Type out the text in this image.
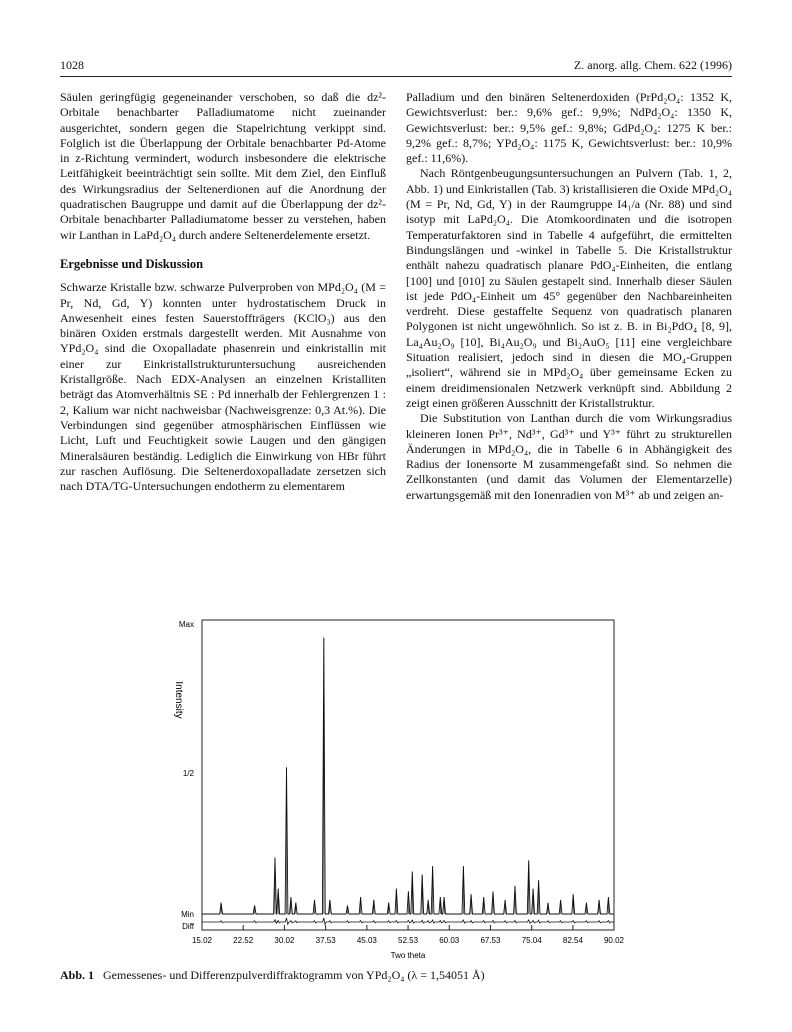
1028	Z. anorg. allg. Chem. 622 (1996)

Säulen geringfügig gegeneinander verschoben, so daß die dz²-Orbitale benachbarter Palladiumatome nicht zueinander ausgerichtet, sondern gegen die Stapelrichtung verkippt sind. Folglich ist die Überlappung der Orbitale benachbarter Pd-Atome in z-Richtung vermindert, wodurch insbesondere die elektrische Leitfähigkeit beeinträchtigt sein sollte. Mit dem Ziel, den Einfluß des Wirkungsradius der Seltenerdionen auf die Anordnung der quadratischen Baugruppe und damit auf die Überlappung der dz²-Orbitale benachbarter Palladiumatome besser zu verstehen, haben wir Lanthan in LaPd₂O₄ durch andere Seltenerdelemente ersetzt.

Ergebnisse und Diskussion

Schwarze Kristalle bzw. schwarze Pulverproben von MPd₂O₄ (M = Pr, Nd, Gd, Y) konnten unter hydrostatischem Druck in Anwesenheit eines festen Sauerstoffträgers (KClO₃) aus den binären Oxiden erstmals dargestellt werden. Mit Ausnahme von YPd₂O₄ sind die Oxopalladate phasenrein und einkristallin mit einer zur Einkristallstrukturuntersuchung ausreichenden Kristallgröße. Nach EDX-Analysen an einzelnen Kristalliten beträgt das Atomverhältnis SE : Pd innerhalb der Fehlergrenzen 1 : 2, Kalium war nicht nachweisbar (Nachweisgrenze: 0,3 At.%). Die Verbindungen sind gegenüber atmosphärischen Einflüssen wie Licht, Luft und Feuchtigkeit sowie Laugen und den gängigen Mineralsäuren beständig. Lediglich die Einwirkung von HBr führt zur raschen Auflösung. Die Seltenerdoxopalladate zersetzen sich nach DTA/TG-Untersuchungen endotherm zu elementarem

Palladium und den binären Seltenerdoxiden (PrPd₂O₄: 1352 K, Gewichtsverlust: ber.: 9,6% gef.: 9,9%; NdPd₂O₄: 1350 K, Gewichtsverlust: ber.: 9,5% gef.: 9,8%; GdPd₂O₄: 1275 K ber.: 9,2% gef.: 8,7%; YPd₂O₄: 1175 K, Gewichtsverlust: ber.: 10,9% gef.: 11,6%).

Nach Röntgenbeugungsuntersuchungen an Pulvern (Tab. 1, 2, Abb. 1) und Einkristallen (Tab. 3) kristallisieren die Oxide MPd₂O₄ (M = Pr, Nd, Gd, Y) in der Raumgruppe I4₁/a (Nr. 88) und sind isotyp mit LaPd₂O₄. Die Atomkoordinaten und die isotropen Temperaturfaktoren sind in Tabelle 4 aufgeführt, die ermittelten Bindungslängen und -winkel in Tabelle 5. Die Kristallstruktur enthält nahezu quadratisch planare PdO₄-Einheiten, die entlang [100] und [010] zu Säulen gestapelt sind. Innerhalb dieser Säulen ist jede PdO₄-Einheit um 45° gegenüber den Nachbareinheiten verdreht. Diese gestaffelte Sequenz von quadratisch planaren Polygonen ist nicht ungewöhnlich. So ist z. B. in Bi₂PdO₄ [8, 9], La₄Au₂O₉ [10], Bi₄Au₂O₉ und Bi₂AuO₅ [11] eine vergleichbare Situation realisiert, jedoch sind in diesen die MO₄-Gruppen „isoliert“, während sie in MPd₂O₄ über gemeinsame Ecken zu einem dreidimensionalen Netzwerk verknüpft sind. Abbildung 2 zeigt einen größeren Ausschnitt der Kristallstruktur.

Die Substitution von Lanthan durch die vom Wirkungsradius kleineren Ionen Pr³⁺, Nd³⁺, Gd³⁺ und Y³⁺ führt zu strukturellen Änderungen in MPd₂O₄, die in Tabelle 6 in Abhängigkeit des Radius der Ionensorte M zusammengefaßt sind. So nehmen die Zellkonstanten (und damit das Volumen der Elementarzelle) erwartungsgemäß mit den Ionenradien von M³⁺ ab und zeigen an-

Max
1/2
Min
Diff
15.02	22.52	30.02	37.53	45.03	52.53	60.03	67.53	75.04	82.54	90.02
Intensity
Two theta
Abb. 1 Gemessenes- und Differenzpulverdiffraktogramm von YPd₂O₄ (λ = 1,54051 Å)
